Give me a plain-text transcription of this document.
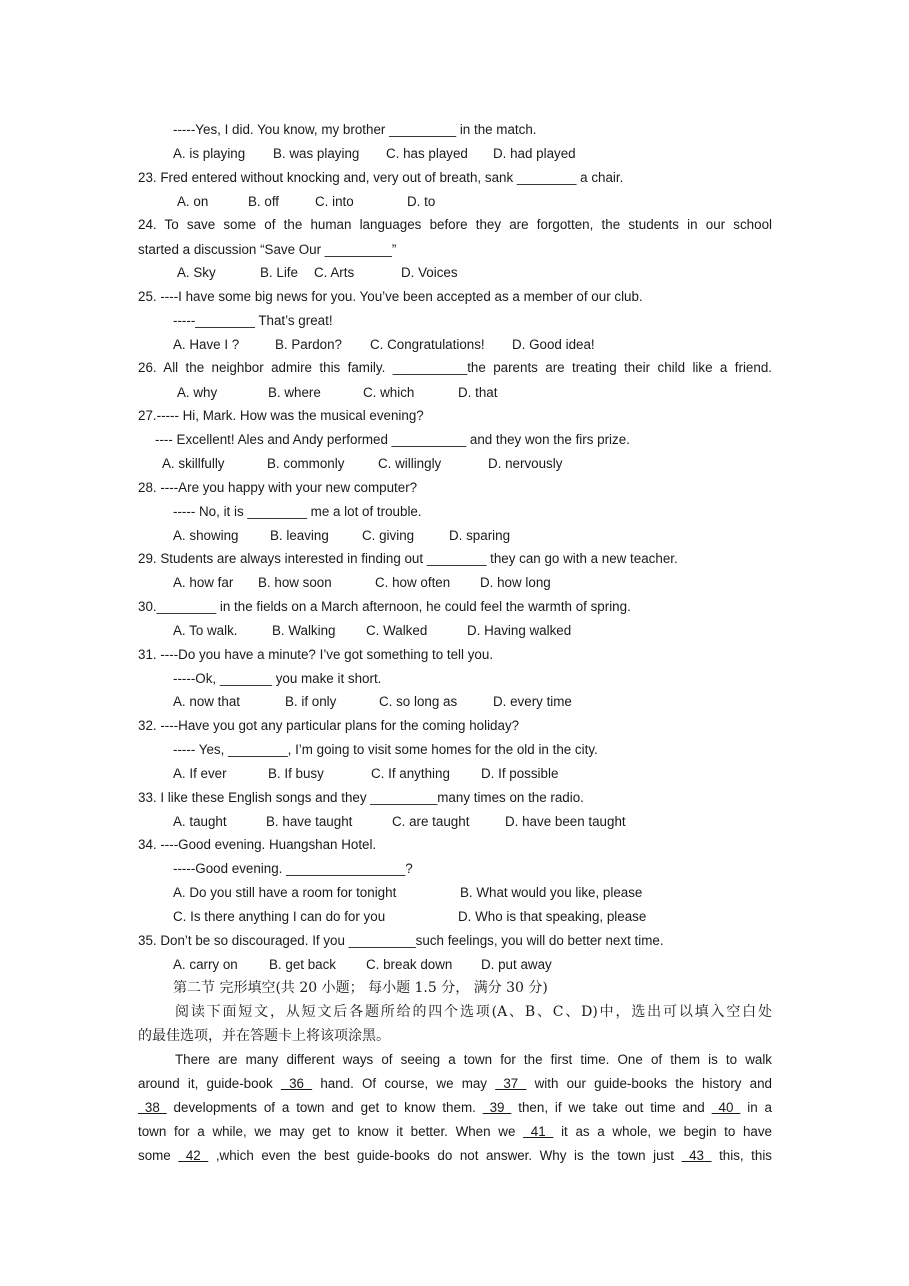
-----Yes, I did. You know, my brother _________ in the match.

A. is playing

B. was playing

C. has played

D. had played

23. Fred entered without knocking and, very out of breath, sank ________ a chair.

A. on

	B. off

	C. into

	D. to

24. To save some of the human languages before they are forgotten, the students in our school
started a discussion “Save Our _________”

A. Sky

	B. Life

C. Arts

	D. Voices

25. ----I have some big news for you. You’ve been accepted as a member of our club.
-----________ That’s great!

A. Have I ?

	B. Pardon?

C. Congratulations!

D. Good idea!

26. All the neighbor admire this family. __________the parents are treating their child like a friend.

A. why

	B. where

	C. which

	D. that

27.----- Hi, Mark. How was the musical evening?
---- Excellent! Ales and Andy performed __________ and they won the firs prize.

A. skillfully

	B. commonly

	C. willingly

	D. nervously

28. ----Are you happy with your new computer?
----- No, it is ________ me a lot of trouble.

A. showing

B. leaving

C. giving

	D. sparing

29. Students are always interested in finding out ________ they can go with a new teacher.

A. how far

B. how soon

	C. how often

D. how long

30.________ in the fields on a March afternoon, he could feel the warmth of spring.

A. To walk.

	B. Walking

C. Walked

	D. Having walked

31. ----Do you have a minute? I’ve got something to tell you.
-----Ok, _______ you make it short.

A. now that

	B. if only

	C. so long as

	D. every time

32. ----Have you got any particular plans for the coming holiday?
----- Yes, ________, I’m going to visit some homes for the old in the city.

A. If ever

	B. If busy

	C. If anything

D. If possible

33. I like these English songs and they _________many times on the radio.

A. taught

	B. have taught

	C. are taught

	D. have been taught

34. ----Good evening. Huangshan Hotel.
-----Good evening. ________________?

A. Do you still have a room for tonight

	B. What would you like, please

C. Is there anything I can do for you

	D. Who is that speaking, please

35. Don’t be so discouraged. If you _________such feelings, you will do better next time.

A. carry on

B. get back

C. break down

D. put away

第二节 完形填空(共 20 小题； 每小题 1.5 分， 满分 30 分)
阅读下面短文，从短文后各题所给的四个选项(A、B、C、D)中，选出可以填入空白处
的最佳选项，并在答题卡上将该项涂黑。
There are many different ways of seeing a town for the first time. One of them is to walk
around it, guide-book  36  hand. Of course, we may  37  with our guide-books the history and
38  developments of a town and get to know them.  39  then, if we take out time and  40  in a
town for a while, we may get to know it better. When we  41  it as a whole, we begin to have
some  42  ,which even the best guide-books do not answer. Why is the town just  43  this, this
